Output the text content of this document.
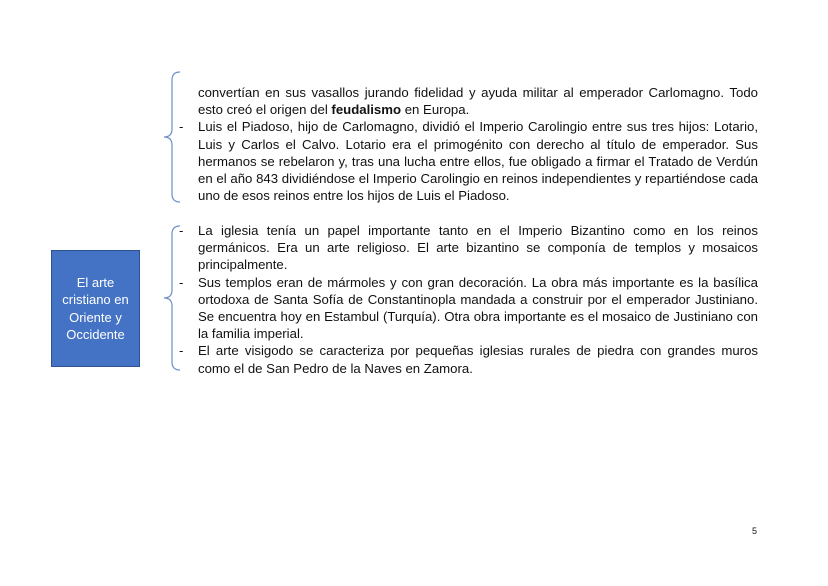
convertían en sus vasallos jurando fidelidad y ayuda militar al emperador Carlomagno. Todo esto creó el origen del feudalismo en Europa.

- Luis el Piadoso, hijo de Carlomagno, dividió el Imperio Carolingio entre sus tres hijos: Lotario, Luis y Carlos el Calvo. Lotario era el primogénito con derecho al título de emperador. Sus hermanos se rebelaron y, tras una lucha entre ellos, fue obligado a firmar el Tratado de Verdún en el año 843 dividiéndose el Imperio Carolingio en reinos independientes y repartiéndose cada uno de esos reinos entre los hijos de Luis el Piadoso.

El arte
cristiano en
Oriente y
Occidente

- La iglesia tenía un papel importante tanto en el Imperio Bizantino como en los reinos germánicos. Era un arte religioso. El arte bizantino se componía de templos y mosaicos principalmente.

- Sus templos eran de mármoles y con gran decoración. La obra más importante es la basílica ortodoxa de Santa Sofía de Constantinopla mandada a construir por el emperador Justiniano. Se encuentra hoy en Estambul (Turquía). Otra obra importante es el mosaico de Justiniano con la familia imperial.

- El arte visigodo se caracteriza por pequeñas iglesias rurales de piedra con grandes muros como el de San Pedro de la Naves en Zamora.

5
